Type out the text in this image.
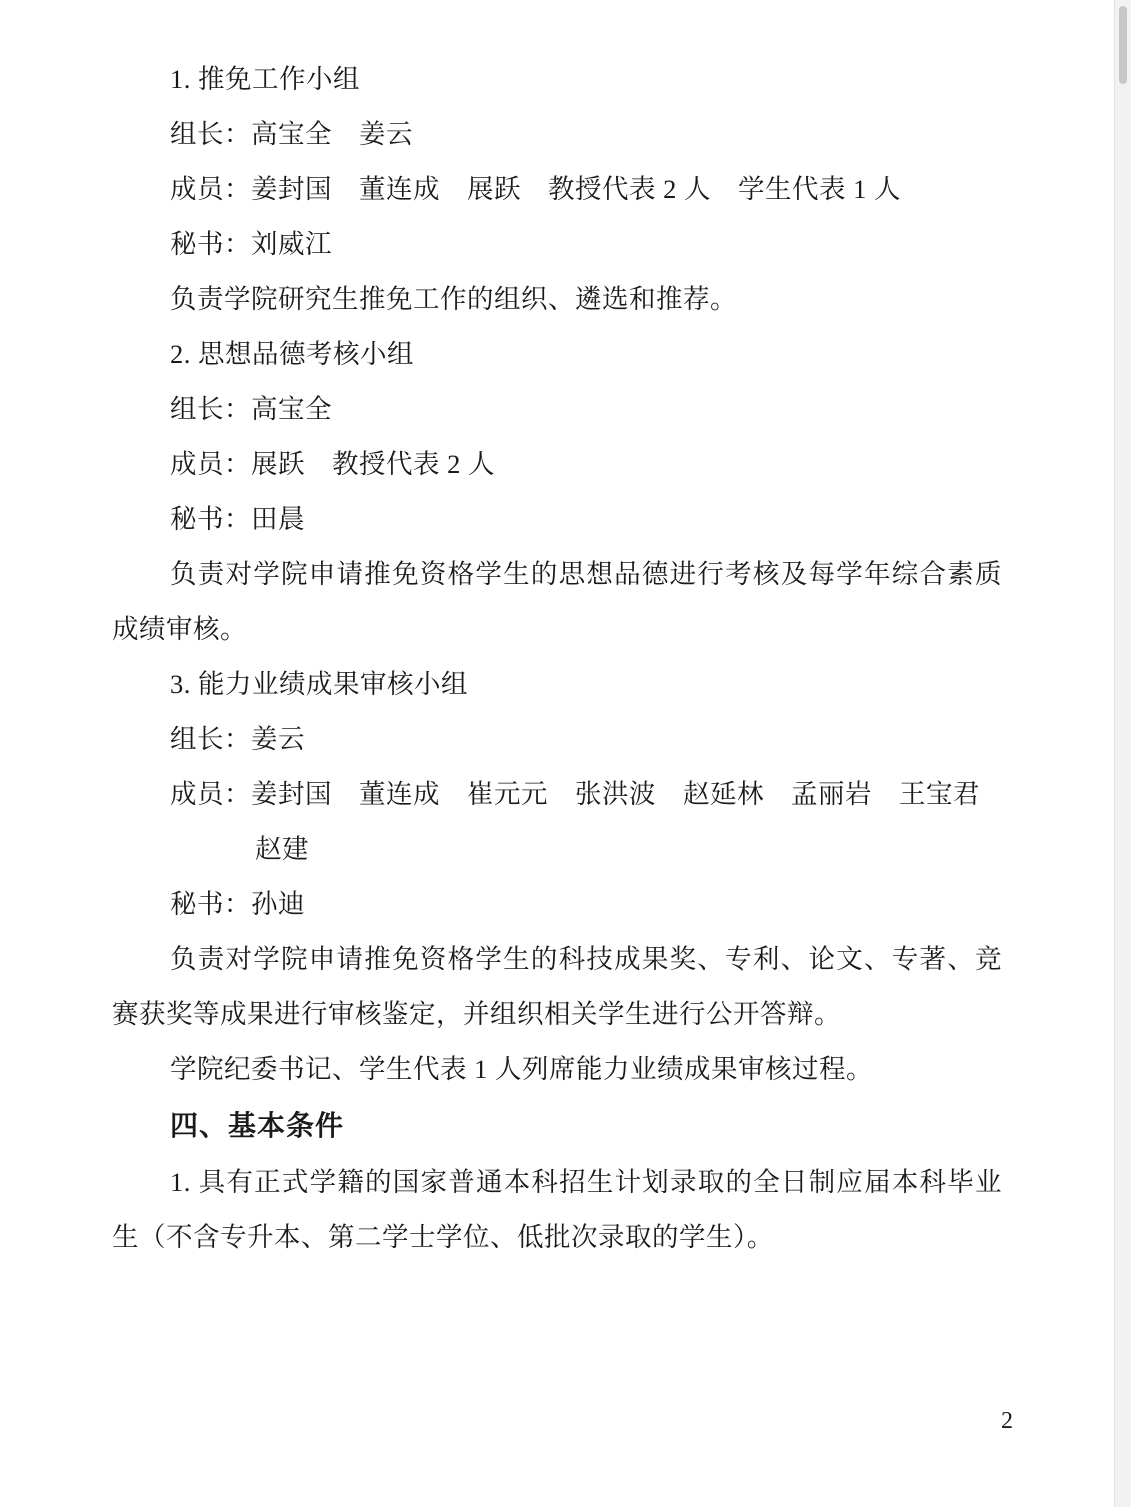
1. 推免工作小组

组长：高宝全　姜云

成员：姜封国　董连成　展跃　教授代表 2 人　学生代表 1 人

秘书：刘威江

负责学院研究生推免工作的组织、遴选和推荐。

2. 思想品德考核小组

组长：高宝全

成员：展跃　教授代表 2 人

秘书：田晨

负责对学院申请推免资格学生的思想品德进行考核及每学年综合素质成绩审核。

3. 能力业绩成果审核小组

组长：姜云

成员：姜封国　董连成　崔元元　张洪波　赵延林　孟丽岩　王宝君
赵建

秘书：孙迪

负责对学院申请推免资格学生的科技成果奖、专利、论文、专著、竞赛获奖等成果进行审核鉴定，并组织相关学生进行公开答辩。

学院纪委书记、学生代表 1 人列席能力业绩成果审核过程。

四、基本条件

1. 具有正式学籍的国家普通本科招生计划录取的全日制应届本科毕业生（不含专升本、第二学士学位、低批次录取的学生）。

2
